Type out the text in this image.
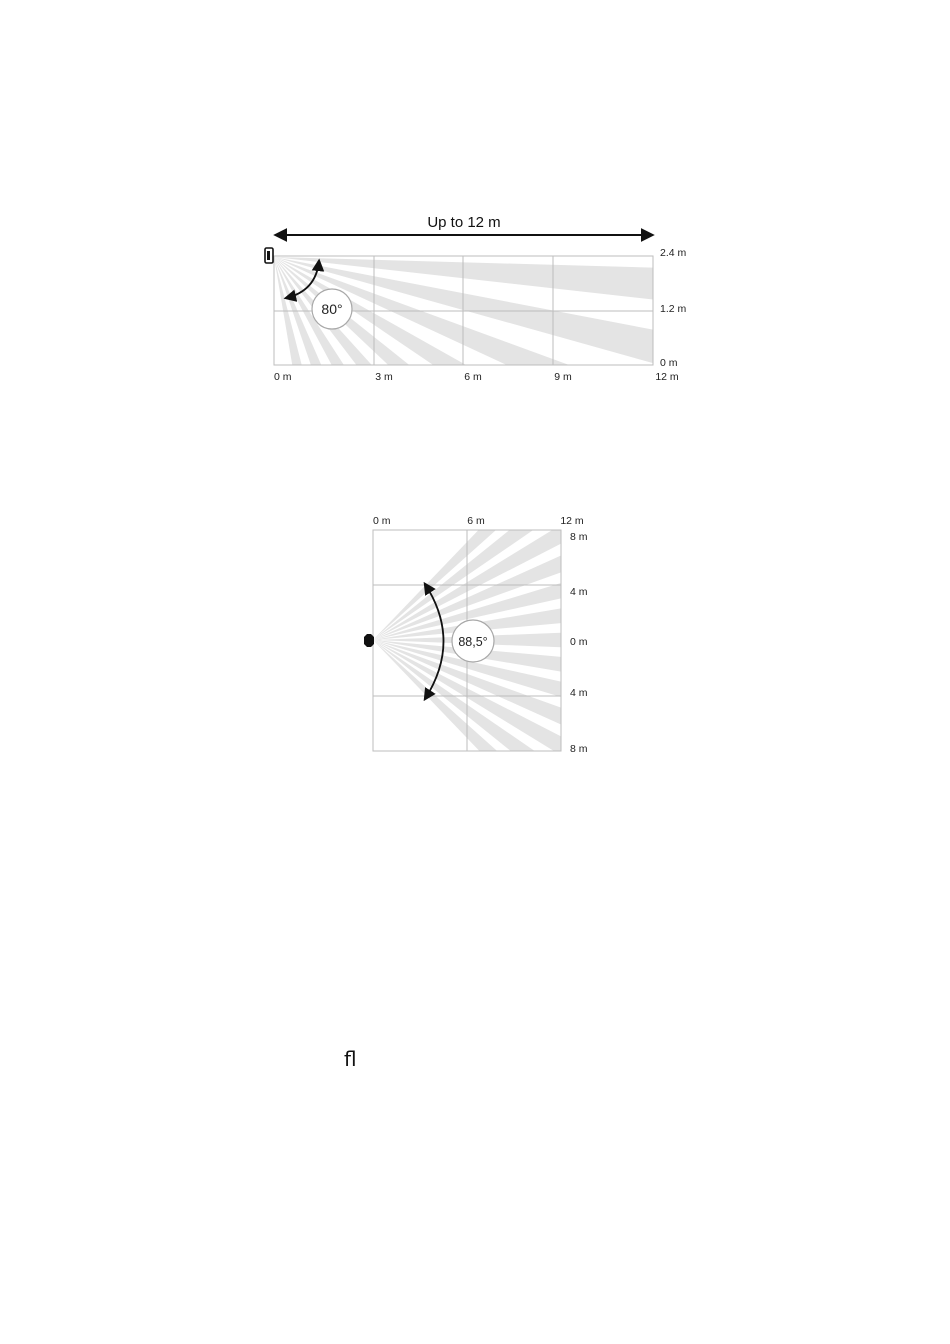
Up to 12 m
80°
0 m	3 m	6 m	9 m	12 m
2.4 m
1.2 m
0 m
88,5°
0 m	6 m	12 m
8 m
4 m
0 m
4 m
8 m
ﬂ
